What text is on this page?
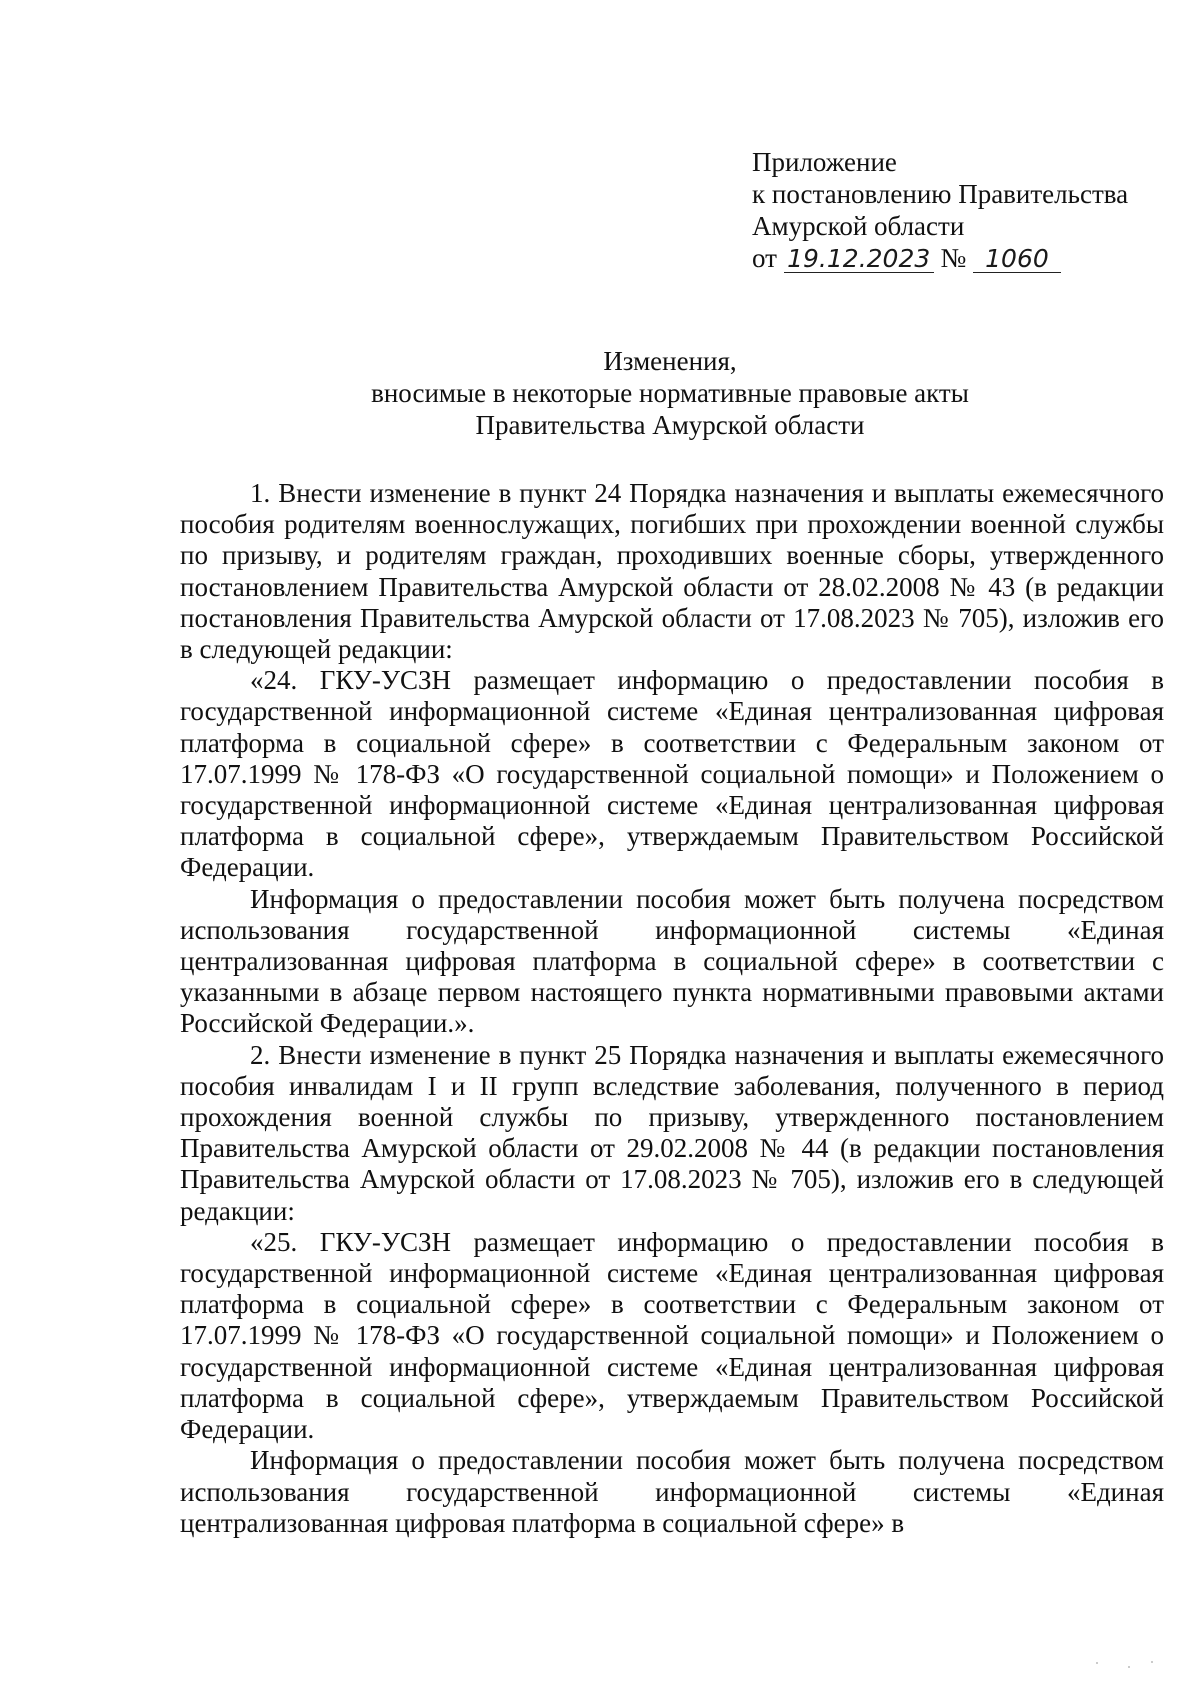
Приложение
к постановлению Правительства
Амурской области
от 19.12.2023 № 1060
Изменения,
вносимые в некоторые нормативные правовые акты
Правительства Амурской области

1. Внести изменение в пункт 24 Порядка назначения и выплаты ежемесячного пособия родителям военнослужащих, погибших при прохождении военной службы по призыву, и родителям граждан, проходивших военные сборы, утвержденного постановлением Правительства Амурской области от 28.02.2008 № 43 (в редакции постановления Правительства Амурской области от 17.08.2023 № 705), изложив его в следующей редакции:

«24. ГКУ-УСЗН размещает информацию о предоставлении пособия в государственной информационной системе «Единая централизованная цифровая платформа в социальной сфере» в соответствии с Федеральным законом от 17.07.1999 № 178-ФЗ «О государственной социальной помощи» и Положением о государственной информационной системе «Единая централизованная цифровая платформа в социальной сфере», утверждаемым Правительством Российской Федерации.

Информация о предоставлении пособия может быть получена посредством использования государственной информационной системы «Единая централизованная цифровая платформа в социальной сфере» в соответствии с указанными в абзаце первом настоящего пункта нормативными правовыми актами Российской Федерации.».

2. Внести изменение в пункт 25 Порядка назначения и выплаты ежемесячного пособия инвалидам I и II групп вследствие заболевания, полученного в период прохождения военной службы по призыву, утвержденного постановлением Правительства Амурской области от 29.02.2008 № 44 (в редакции постановления Правительства Амурской области от 17.08.2023 № 705), изложив его в следующей редакции:

«25. ГКУ-УСЗН размещает информацию о предоставлении пособия в государственной информационной системе «Единая централизованная цифровая платформа в социальной сфере» в соответствии с Федеральным законом от 17.07.1999 № 178-ФЗ «О государственной социальной помощи» и Положением о государственной информационной системе «Единая централизованная цифровая платформа в социальной сфере», утверждаемым Правительством Российской Федерации.

Информация о предоставлении пособия может быть получена посредством использования государственной информационной системы «Единая централизованная цифровая платформа в социальной сфере» в
